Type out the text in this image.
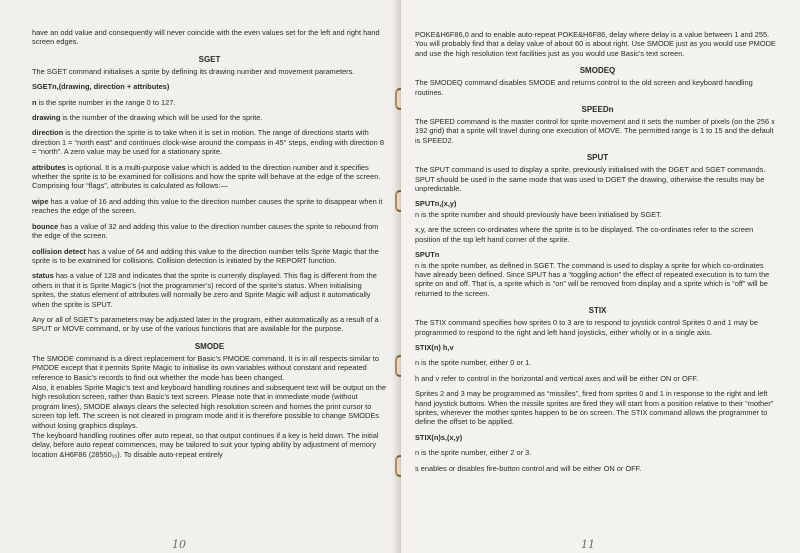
have an odd value and consequently will never coincide with the even values set for the left and right hand screen edges.

SGET

The SGET command initialises a sprite by defining its drawing number and movement parameters.

SGETn,(drawing, direction + attributes)

n is the sprite number in the range 0 to 127.

drawing is the number of the drawing which will be used for the sprite.

direction is the direction the sprite is to take when it is set in motion. The range of directions starts with direction 1 = “north east” and continues clock-wise around the compass in 45° steps, ending with direction 8 = “north”. A zero value may be used for a stationary sprite.

attributes is optional. It is a multi-purpose value which is added to the direction number and it specifies whether the sprite is to be examined for collisions and how the sprite will behave at the edge of the screen. Comprising four “flags”, attributes is calculated as follows:—

wipe has a value of 16 and adding this value to the direction number causes the sprite to disappear when it reaches the edge of the screen.

bounce has a value of 32 and adding this value to the direction number causes the sprite to rebound from the edge of the screen.

collision detect has a value of 64 and adding this value to the direction number tells Sprite Magic that the sprite is to be examined for collisions. Collision detection is initiated by the REPORT function.

status has a value of 128 and indicates that the sprite is currently displayed. This flag is different from the others in that it is Sprite Magic’s (not the programmer’s) record of the sprite’s status. When initialising sprites, the status element of attributes will normally be zero and Sprite Magic will adjust it automatically when the sprite is SPUT.

Any or all of SGET’s parameters may be adjusted later in the program, either automatically as a result of a SPUT or MOVE command, or by use of the various functions that are available for the purpose.

SMODE

The SMODE command is a direct replacement for Basic’s PMODE command. It is in all respects similar to PMODE except that it permits Sprite Magic to initialise its own variables without constant and repeated reference to Basic’s records to find out whether the mode has been changed.

Also, it enables Sprite Magic’s text and keyboard handling routines and subsequent text will be output on the high resolution screen, rather than Basic’s text screen. Please note that in immediate mode (without program lines), SMODE always clears the selected high resolution screen and homes the print cursor to screen top left. The screen is not cleared in program mode and it is therefore possible to change SMODEs without losing graphics displays.

The keyboard handling routines offer auto repeat, so that output continues if a key is held down. The initial delay, before auto repeat commences, may be tailored to suit your typing ability by adjustment of memory location &H6F86 (28550₁₀). To disable auto-repeat entirely

10

POKE&H6F86,0 and to enable auto-repeat POKE&H6F86, delay where delay is a value between 1 and 255. You will probably find that a delay value of about 60 is about right. Use SMODE just as you would use PMODE and use the high resolution text facilities just as you would use Basic’s text screen.

SMODEQ

The SMODEQ command disables SMODE and returns control to the old screen and keyboard handling routines.

SPEEDn

The SPEED command is the master control for sprite movement and it sets the number of pixels (on the 256 x 192 grid) that a sprite will travel during one execution of MOVE. The permitted range is 1 to 15 and the default is SPEED2.

SPUT

The SPUT command is used to display a sprite, previously initialised with the DGET and SGET commands. SPUT should be used in the same mode that was used to DGET the drawing, otherwise the results may be unpredictable.

SPUTn,(x,y)

n is the sprite number and should previously have been initialised by SGET.

x,y, are the screen co-ordinates where the sprite is to be displayed. The co-ordinates refer to the screen position of the top left hand corner of the sprite.

SPUTn

n is the sprite number, as defined in SGET. The command is used to display a sprite for which co-ordinates have already been defined. Since SPUT has a “toggling action” the effect of repeated execution is to turn the sprite on and off. That is, a sprite which is “on” will be removed from display and a sprite which is “off” will be returned to the screen.

STIX

The STIX command specifies how sprites 0 to 3 are to respond to joystick control Sprites 0 and 1 may be programmed to respond to the right and left hand joysticks, either wholly or in a single axis.

STIX(n) h,v

n is the sprite number, either 0 or 1.

h and v refer to control in the horizontal and vertical axes and will be either ON or OFF.

Sprites 2 and 3 may be programmed as “missiles”, fired from sprites 0 and 1 in response to the right and left hand joystick buttons. When the missile sprites are fired they will start from a position relative to their “mother” sprites, wherever the mother sprites happen to be on screen. The STIX command allows the programmer to define the offset to be applied.

STIX(n)s,(x,y)

n is the sprite number, either 2 or 3.

s enables or disables fire-button control and will be either ON or OFF.

11
